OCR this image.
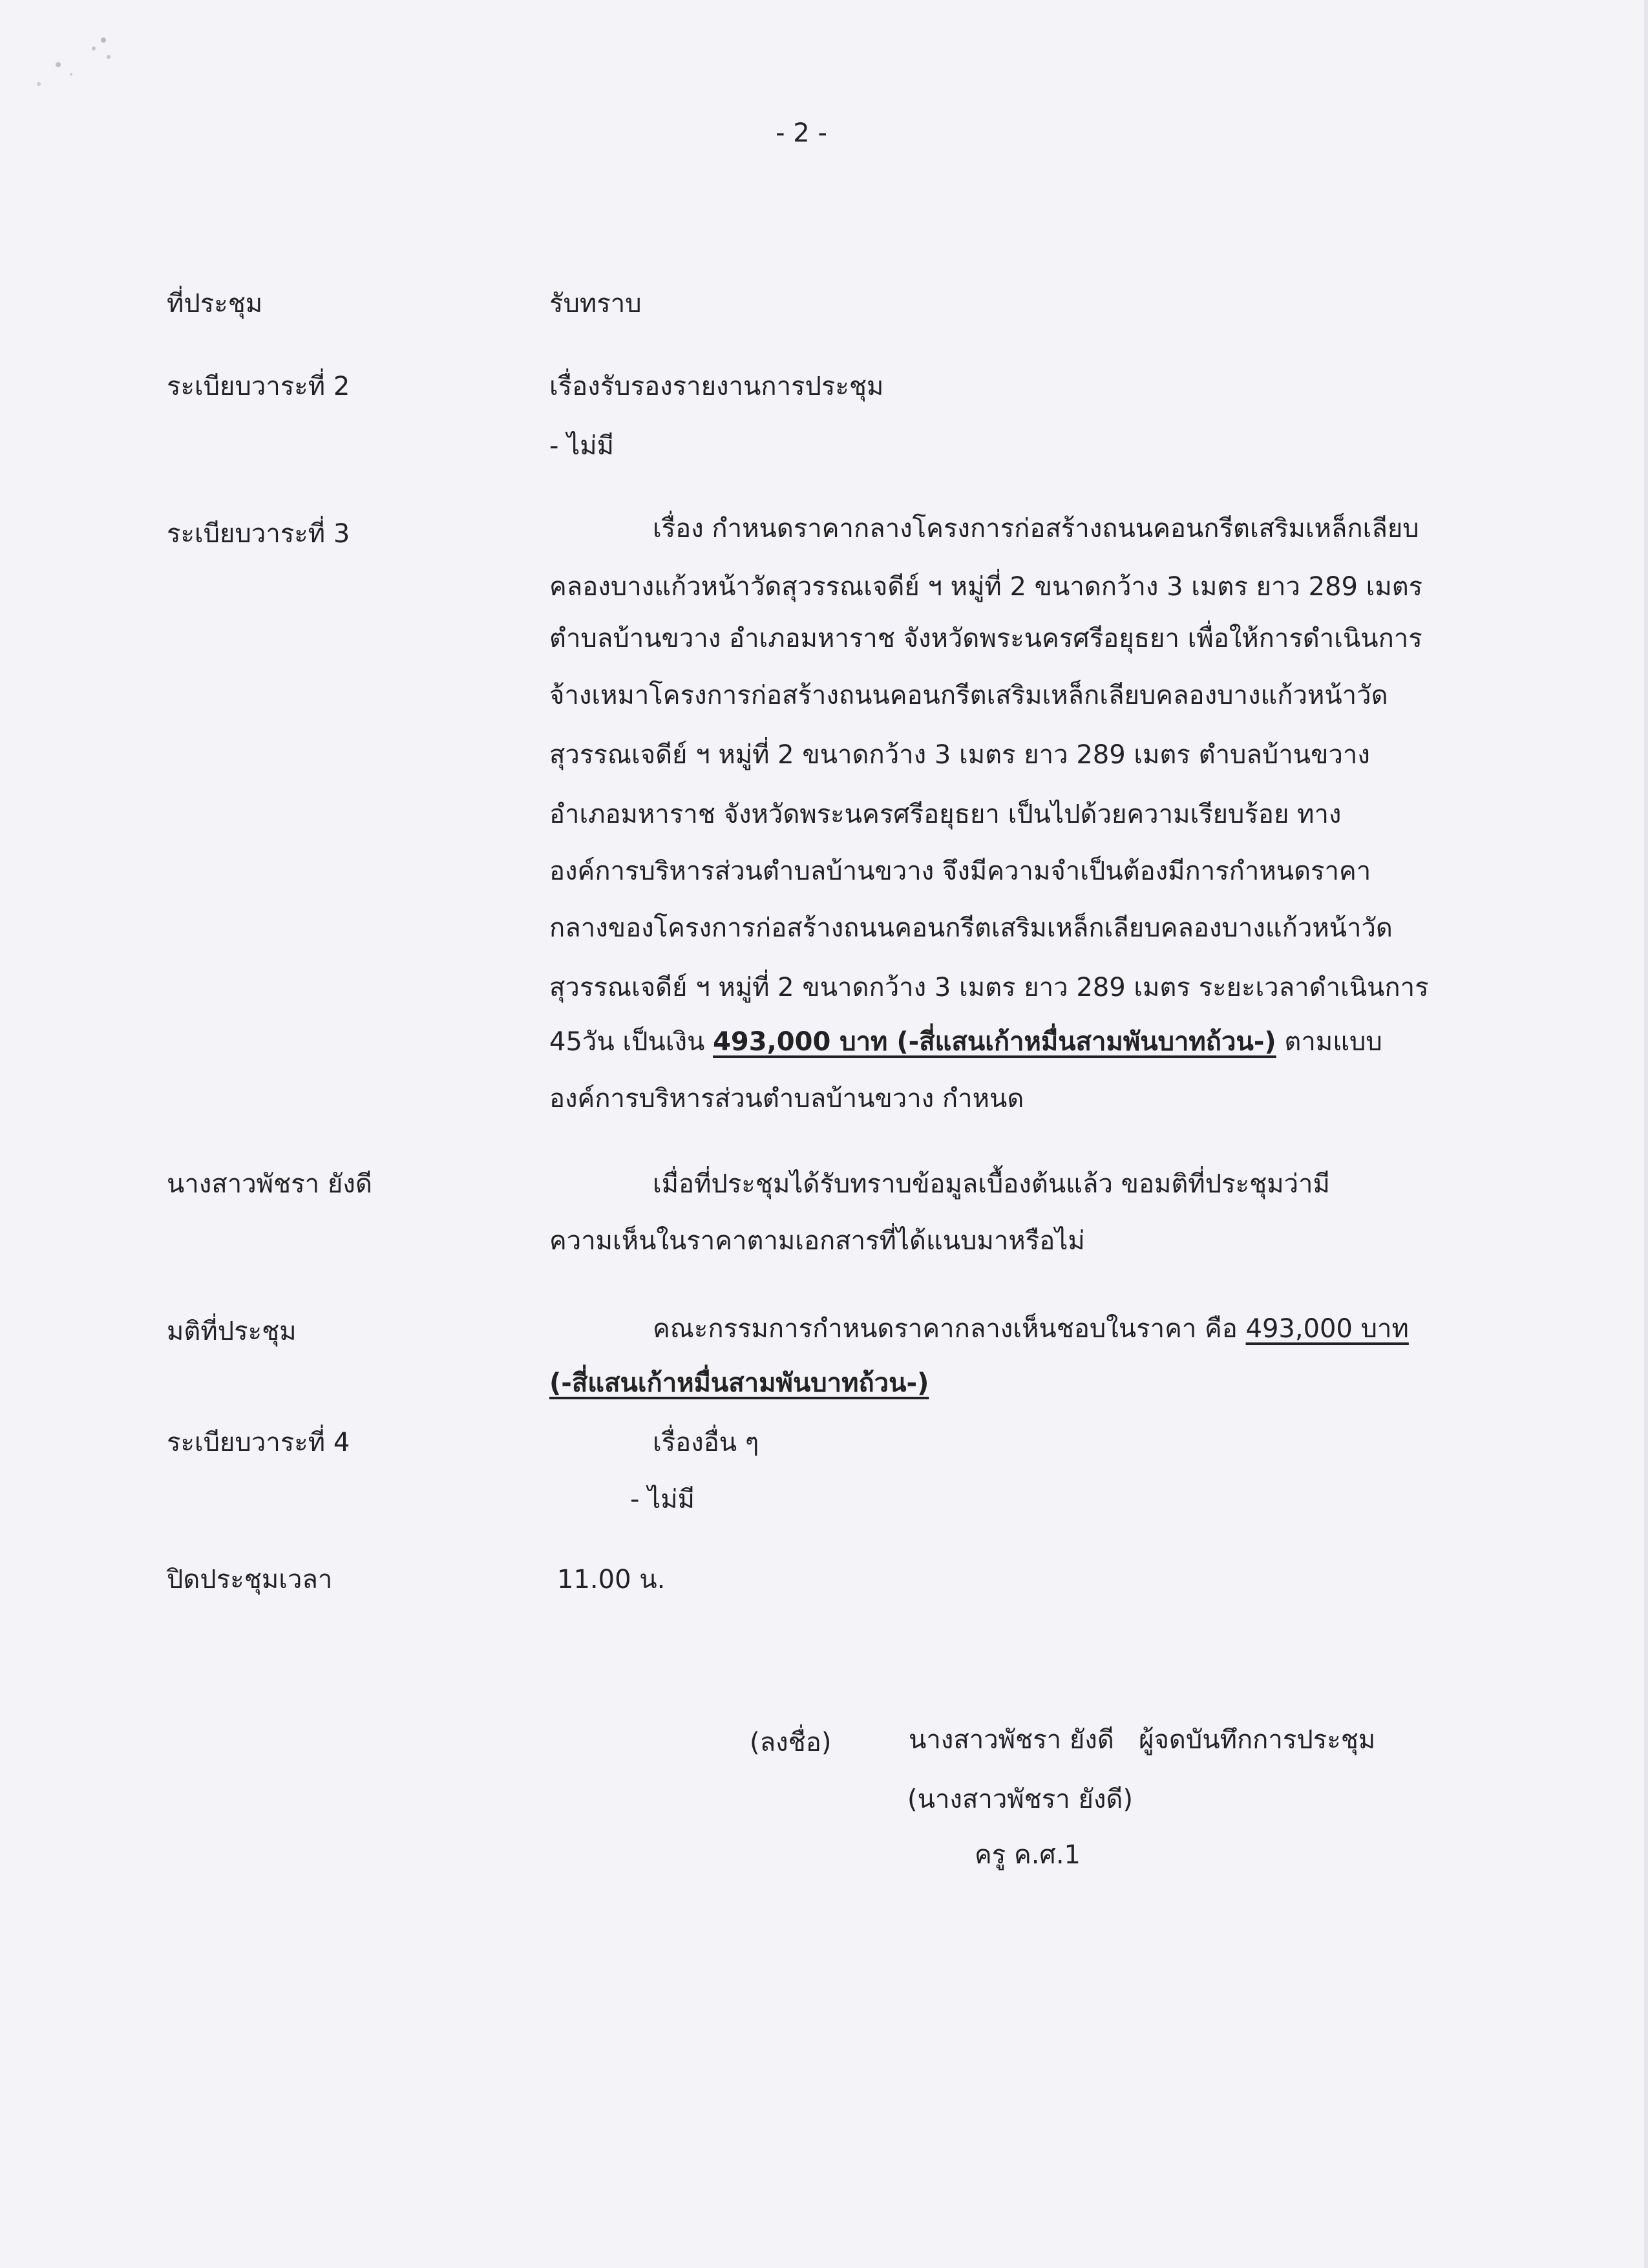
- 2 -
ที่ประชุม	รับทราบ
ระเบียบวาระที่ 2	เรื่องรับรองรายงานการประชุม
- ไม่มี
ระเบียบวาระที่ 3	เรื่อง กำหนดราคากลางโครงการก่อสร้างถนนคอนกรีตเสริมเหล็กเลียบ
คลองบางแก้วหน้าวัดสุวรรณเจดีย์ ฯ หมู่ที่ 2 ขนาดกว้าง 3 เมตร ยาว 289 เมตร
ตำบลบ้านขวาง อำเภอมหาราช จังหวัดพระนครศรีอยุธยา เพื่อให้การดำเนินการ
จ้างเหมาโครงการก่อสร้างถนนคอนกรีตเสริมเหล็กเลียบคลองบางแก้วหน้าวัด
สุวรรณเจดีย์ ฯ หมู่ที่ 2 ขนาดกว้าง 3 เมตร ยาว 289 เมตร ตำบลบ้านขวาง
อำเภอมหาราช จังหวัดพระนครศรีอยุธยา เป็นไปด้วยความเรียบร้อย ทาง
องค์การบริหารส่วนตำบลบ้านขวาง จึงมีความจำเป็นต้องมีการกำหนดราคา
กลางของโครงการก่อสร้างถนนคอนกรีตเสริมเหล็กเลียบคลองบางแก้วหน้าวัด
สุวรรณเจดีย์ ฯ หมู่ที่ 2 ขนาดกว้าง 3 เมตร ยาว 289 เมตร ระยะเวลาดำเนินการ
45วัน เป็นเงิน 493,000 บาท (-สี่แสนเก้าหมื่นสามพันบาทถ้วน-) ตามแบบ
องค์การบริหารส่วนตำบลบ้านขวาง กำหนด
นางสาวพัชรา ยังดี	เมื่อที่ประชุมได้รับทราบข้อมูลเบื้องต้นแล้ว ขอมติที่ประชุมว่ามี
ความเห็นในราคาตามเอกสารที่ได้แนบมาหรือไม่
มติที่ประชุม	คณะกรรมการกำหนดราคากลางเห็นชอบในราคา คือ 493,000 บาท
(-สี่แสนเก้าหมื่นสามพันบาทถ้วน-)
ระเบียบวาระที่ 4	เรื่องอื่น ๆ
- ไม่มี
ปิดประชุมเวลา	11.00 น.
(ลงชื่อ)	นางสาวพัชรา ยังดี ผู้จดบันทึกการประชุม
(นางสาวพัชรา ยังดี)
ครู ค.ศ.1
